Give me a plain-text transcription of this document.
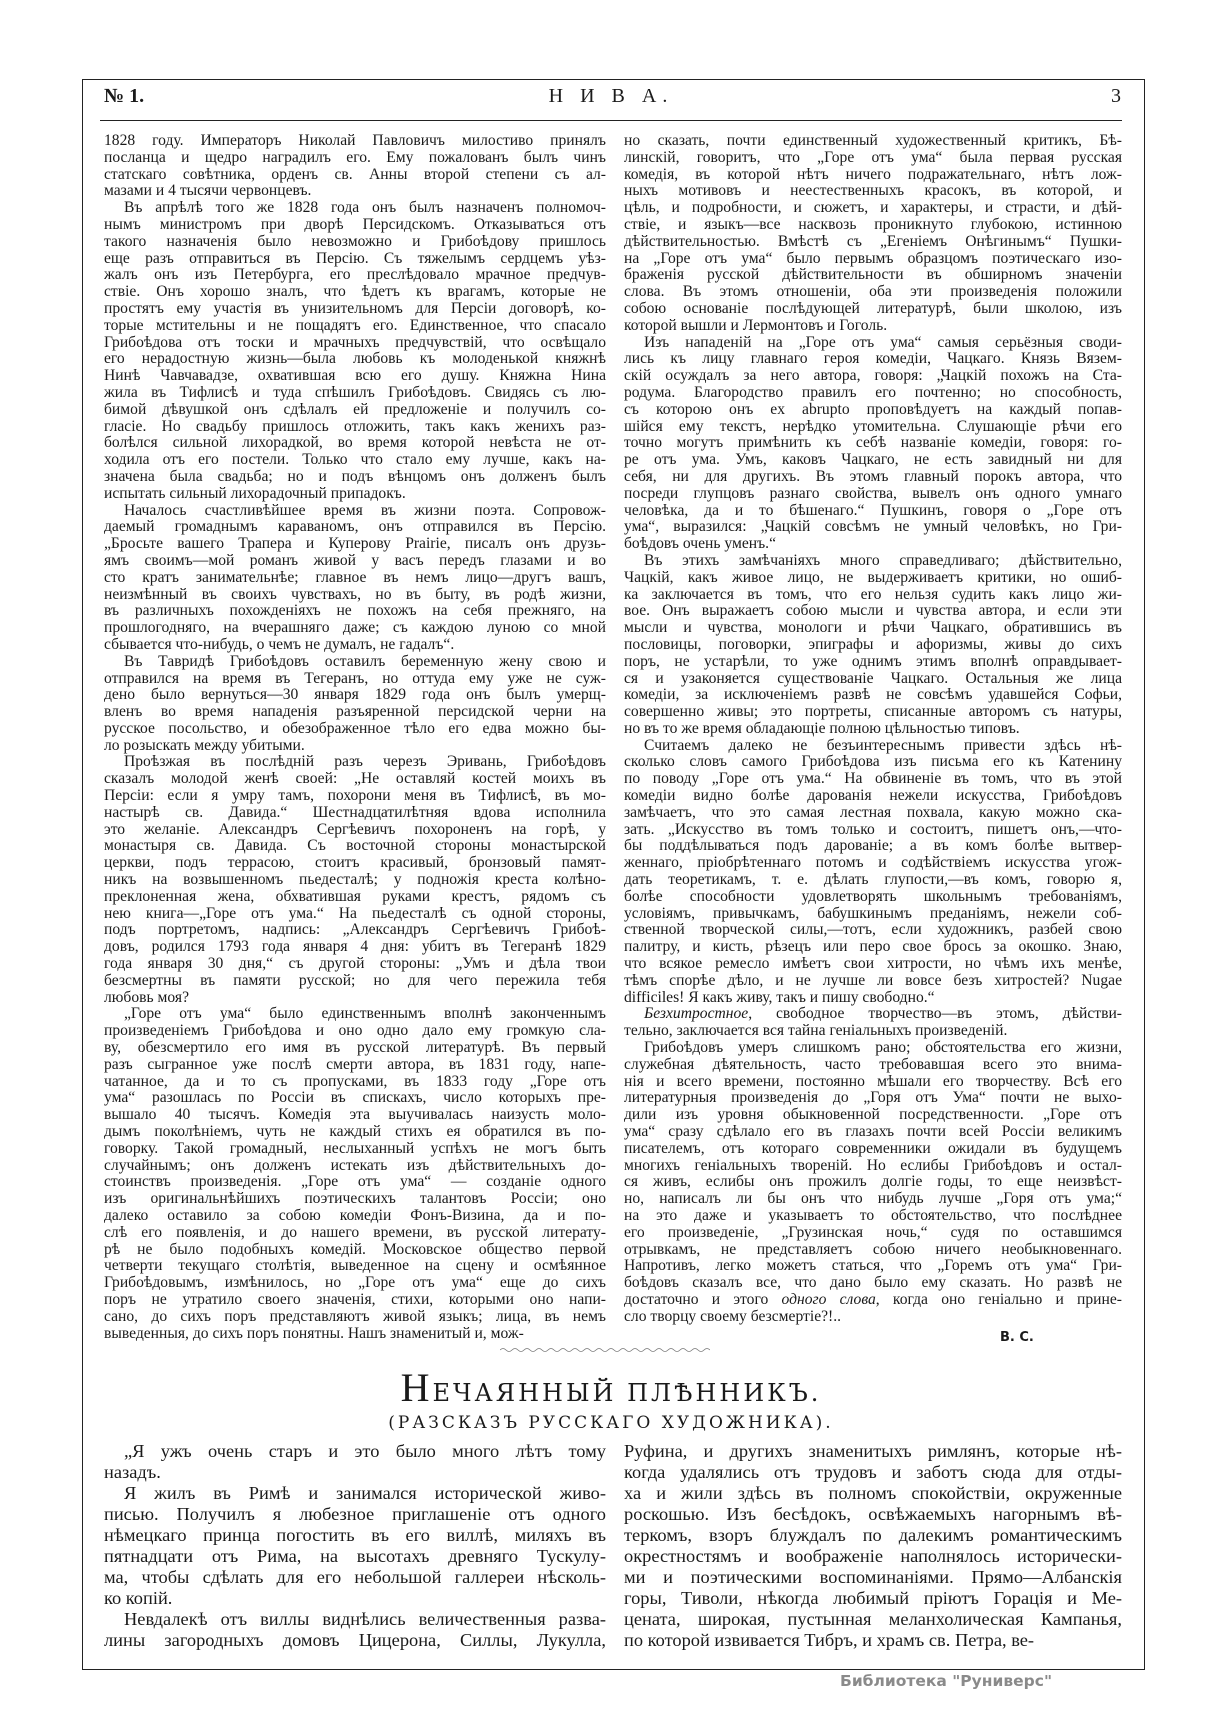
№ 1.	Н И В А.	3
1828 году. Императоръ Николай Павловичъ милостиво принялъ
посланца и щедро наградилъ его. Ему пожалованъ былъ чинъ
статскаго совѣтника, орденъ св. Анны второй степени съ ал-
мазами и 4 тысячи червонцевъ.
Въ апрѣлѣ того же 1828 года онъ былъ назначенъ полномоч-
нымъ министромъ при дворѣ Персидскомъ. Отказываться отъ
такого назначенія было невозможно и Грибоѣдову пришлось
еще разъ отправиться въ Персію. Съ тяжелымъ сердцемъ уѣз-
жалъ онъ изъ Петербурга, его преслѣдовало мрачное предчув-
ствіе. Онъ хорошо зналъ, что ѣдетъ къ врагамъ, которые не
простятъ ему участія въ унизительномъ для Персіи договорѣ, ко-
торые мстительны и не пощадятъ его. Единственное, что спасало
Грибоѣдова отъ тоски и мрачныхъ предчувствій, что освѣщало
его нерадостную жизнь—была любовь къ молоденькой княжнѣ
Нинѣ Чавчавадзе, охватившая всю его душу. Княжна Нина
жила въ Тифлисѣ и туда спѣшилъ Грибоѣдовъ. Свидясь съ лю-
бимой дѣвушкой онъ сдѣлалъ ей предложеніе и получилъ со-
гласіе. Но свадьбу пришлось отложить, такъ какъ женихъ раз-
болѣлся сильной лихорадкой, во время которой невѣста не от-
ходила отъ его постели. Только что стало ему лучше, какъ на-
значена была свадьба; но и подъ вѣнцомъ онъ долженъ былъ
испытать сильный лихорадочный припадокъ.
Началось счастливѣйшее время въ жизни поэта. Сопровож-
даемый громаднымъ караваномъ, онъ отправился въ Персію.
„Бросьте вашего Трапера и Куперову Prairie, писалъ онъ друзь-
ямъ своимъ—мой романъ живой у васъ передъ глазами и во
сто кратъ занимательнѣе; главное въ немъ лицо—другъ вашъ,
неизмѣнный въ своихъ чувствахъ, но въ быту, въ родѣ жизни,
въ различныхъ похожденіяхъ не похожъ на себя прежняго, на
прошлогодняго, на вчерашняго даже; съ каждою луною со мной
сбывается что-нибудь, о чемъ не думалъ, не гадалъ“.
Въ Тавридѣ Грибоѣдовъ оставилъ беременную жену свою и
отправился на время въ Тегеранъ, но оттуда ему уже не суж-
дено было вернуться—30 января 1829 года онъ былъ умерщ-
вленъ во время нападенія разъяренной персидской черни на
русское посольство, и обезображенное тѣло его едва можно бы-
ло розыскать между убитыми.
Проѣзжая въ послѣдній разъ черезъ Эривань, Грибоѣдовъ
сказалъ молодой женѣ своей: „Не оставляй костей моихъ въ
Персіи: если я умру тамъ, похорони меня въ Тифлисѣ, въ мо-
настырѣ св. Давида.“ Шестнадцатилѣтняя вдова исполнила
это желаніе. Александръ Сергѣевичъ похороненъ на горѣ, у
монастыря св. Давида. Съ восточной стороны монастырской
церкви, подъ террасою, стоитъ красивый, бронзовый памят-
никъ на возвышенномъ пьедесталѣ; у подножія креста колѣно-
преклоненная жена, обхватившая руками крестъ, рядомъ съ
нею книга—„Горе отъ ума.“ На пьедесталѣ съ одной стороны,
подъ портретомъ, надпись: „Александръ Сергѣевичъ Грибоѣ-
довъ, родился 1793 года января 4 дня: убитъ въ Тегеранѣ 1829
года января 30 дня,“ съ другой стороны: „Умъ и дѣла твои
безсмертны въ памяти русской; но для чего пережила тебя
любовь моя?
„Горе отъ ума“ было единственнымъ вполнѣ законченнымъ
произведеніемъ Грибоѣдова и оно одно дало ему громкую сла-
ву, обезсмертило его имя въ русской литературѣ. Въ первый
разъ сыгранное уже послѣ смерти автора, въ 1831 году, напе-
чатанное, да и то съ пропусками, въ 1833 году „Горе отъ
ума“ разошлась по Россіи въ спискахъ, число которыхъ пре-
вышало 40 тысячъ. Комедія эта выучивалась наизусть моло-
дымъ поколѣніемъ, чуть не каждый стихъ ея обратился въ по-
говорку. Такой громадный, неслыханный успѣхъ не могъ быть
случайнымъ; онъ долженъ истекать изъ дѣйствительныхъ до-
стоинствъ произведенія. „Горе отъ ума“ — созданіе одного
изъ оригинальнѣйшихъ поэтическихъ талантовъ Россіи; оно
далеко оставило за собою комедіи Фонъ-Визина, да и по-
слѣ его появленія, и до нашего времени, въ русской литерату-
рѣ не было подобныхъ комедій. Московское общество первой
четверти текущаго столѣтія, выведенное на сцену и осмѣянное
Грибоѣдовымъ, измѣнилось, но „Горе отъ ума“ еще до сихъ
поръ не утратило своего значенія, стихи, которыми оно напи-
сано, до сихъ поръ представляютъ живой языкъ; лица, въ немъ
выведенныя, до сихъ поръ понятны. Нашъ знаменитый и, мож-
но сказать, почти единственный художественный критикъ, Бѣ-
линскій, говоритъ, что „Горе отъ ума“ была первая русская
комедія, въ которой нѣтъ ничего подражательнаго, нѣтъ лож-
ныхъ мотивовъ и неестественныхъ красокъ, въ которой, и
цѣль, и подробности, и сюжетъ, и характеры, и страсти, и дѣй-
ствіе, и языкъ—все насквозь проникнуто глубокою, истинною
дѣйствительностью. Вмѣстѣ съ „Егеніемъ Онѣгинымъ“ Пушки-
на „Горе отъ ума“ было первымъ образцомъ поэтическаго изо-
браженія русской дѣйствительности въ обширномъ значеніи
слова. Въ этомъ отношеніи, оба эти произведенія положили
собою основаніе послѣдующей литературѣ, были школою, изъ
которой вышли и Лермонтовъ и Гоголь.
Изъ нападеній на „Горе отъ ума“ самыя серьёзныя своди-
лись къ лицу главнаго героя комедіи, Чацкаго. Князь Вязем-
скій осуждалъ за него автора, говоря: „Чацкій похожъ на Ста-
родума. Благородство правилъ его почтенно; но способность,
съ которою онъ ex abrupto проповѣдуетъ на каждый попав-
шійся ему текстъ, нерѣдко утомительна. Слушающіе рѣчи его
точно могутъ примѣнить къ себѣ названіе комедіи, говоря: го-
ре отъ ума. Умъ, каковъ Чацкаго, не есть завидный ни для
себя, ни для другихъ. Въ этомъ главный порокъ автора, что
посреди глупцовъ разнаго свойства, вывелъ онъ одного умнаго
человѣка, да и то бѣшенаго.“ Пушкинъ, говоря о „Горе отъ
ума“, выразился: „Чацкій совсѣмъ не умный человѣкъ, но Гри-
боѣдовъ очень уменъ.“
Въ этихъ замѣчаніяхъ много справедливаго; дѣйствительно,
Чацкій, какъ живое лицо, не выдерживаетъ критики, но ошиб-
ка заключается въ томъ, что его нельзя судить какъ лицо жи-
вое. Онъ выражаетъ собою мысли и чувства автора, и если эти
мысли и чувства, монологи и рѣчи Чацкаго, обратившись въ
пословицы, поговорки, эпиграфы и афоризмы, живы до сихъ
поръ, не устарѣли, то уже однимъ этимъ вполнѣ оправдывает-
ся и узаконяется существованіе Чацкаго. Остальныя же лица
комедіи, за исключеніемъ развѣ не совсѣмъ удавшейся Софьи,
совершенно живы; это портреты, списанные авторомъ съ натуры,
но въ то же время обладающіе полною цѣльностью типовъ.
Считаемъ далеко не безъинтереснымъ привести здѣсь нѣ-
сколько словъ самого Грибоѣдова изъ письма его къ Катенину
по поводу „Горе отъ ума.“ На обвиненіе въ томъ, что въ этой
комедіи видно болѣе дарованія нежели искусства, Грибоѣдовъ
замѣчаетъ, что это самая лестная похвала, какую можно ска-
зать. „Искусство въ томъ только и состоитъ, пишетъ онъ,—что-
бы поддѣлываться подъ дарованіе; а въ комъ болѣе вытвер-
женнаго, пріобрѣтеннаго потомъ и содѣйствіемъ искусства угож-
дать теоретикамъ, т. е. дѣлать глупости,—въ комъ, говорю я,
болѣе способности удовлетворять школьнымъ требованіямъ,
условіямъ, привычкамъ, бабушкинымъ преданіямъ, нежели соб-
ственной творческой силы,—тотъ, если художникъ, разбей свою
палитру, и кисть, рѣзецъ или перо свое брось за окошко. Знаю,
что всякое ремесло имѣетъ свои хитрости, но чѣмъ ихъ менѣе,
тѣмъ спорѣе дѣло, и не лучше ли вовсе безъ хитростей? Nugae
difficiles! Я какъ живу, такъ и пишу свободно.“
Безхитростное, свободное творчество—въ этомъ, дѣйстви-
тельно, заключается вся тайна геніальныхъ произведеній.
Грибоѣдовъ умеръ слишкомъ рано; обстоятельства его жизни,
служебная дѣятельность, часто требовавшая всего это внима-
нія и всего времени, постоянно мѣшали его творчеству. Всѣ его
литературныя произведенія до „Горя отъ Ума“ почти не выхо-
дили изъ уровня обыкновенной посредственности. „Горе отъ
ума“ сразу сдѣлало его въ глазахъ почти всей Россіи великимъ
писателемъ, отъ котораго современники ожидали въ будущемъ
многихъ геніальныхъ твореній. Но еслибы Грибоѣдовъ и остал-
ся живъ, еслибы онъ прожилъ долгіе годы, то еще неизвѣст-
но, написалъ ли бы онъ что нибудь лучше „Горя отъ ума;“
на это даже и указываетъ то обстоятельство, что послѣднее
его произведеніе, „Грузинская ночь,“ судя по оставшимся
отрывкамъ, не представляетъ собою ничего необыкновеннаго.
Напротивъ, легко можетъ статься, что „Горемъ отъ ума“ Гри-
боѣдовъ сказалъ все, что дано было ему сказать. Но развѣ не
достаточно и этого одного слова, когда оно геніально и прине-
сло творцу своему безсмертіе?!..
В. С.
НЕЧАЯННЫЙ ПЛѢННИКЪ.
(РАЗСКАЗЪ РУССКАГО ХУДОЖНИКА).
„Я ужъ очень старъ и это было много лѣтъ тому
назадъ.
Я жилъ въ Римѣ и занимался исторической живо-
писью. Получилъ я любезное приглашеніе отъ одного
нѣмецкаго принца погостить въ его виллѣ, миляхъ въ
пятнадцати отъ Рима, на высотахъ древняго Тускулу-
ма, чтобы сдѣлать для его небольшой галлереи нѣсколь-
ко копій.
Невдалекѣ отъ виллы виднѣлись величественныя разва-
лины загородныхъ домовъ Цицерона, Силлы, Лукулла,
Руфина, и другихъ знаменитыхъ римлянъ, которые нѣ-
когда удалялись отъ трудовъ и заботъ сюда для отды-
ха и жили здѣсь въ полномъ спокойствіи, окруженные
роскошью. Изъ бесѣдокъ, освѣжаемыхъ нагорнымъ вѣ-
теркомъ, взоръ блуждалъ по далекимъ романтическимъ
окрестностямъ и воображеніе наполнялось исторически-
ми и поэтическими воспоминаніями. Прямо—Албанскія
горы, Тиволи, нѣкогда любимый пріютъ Горація и Ме-
цената, широкая, пустынная меланхолическая Кампанья,
по которой извивается Тибръ, и храмъ св. Петра, ве-
Библиотека "Руниверс"
